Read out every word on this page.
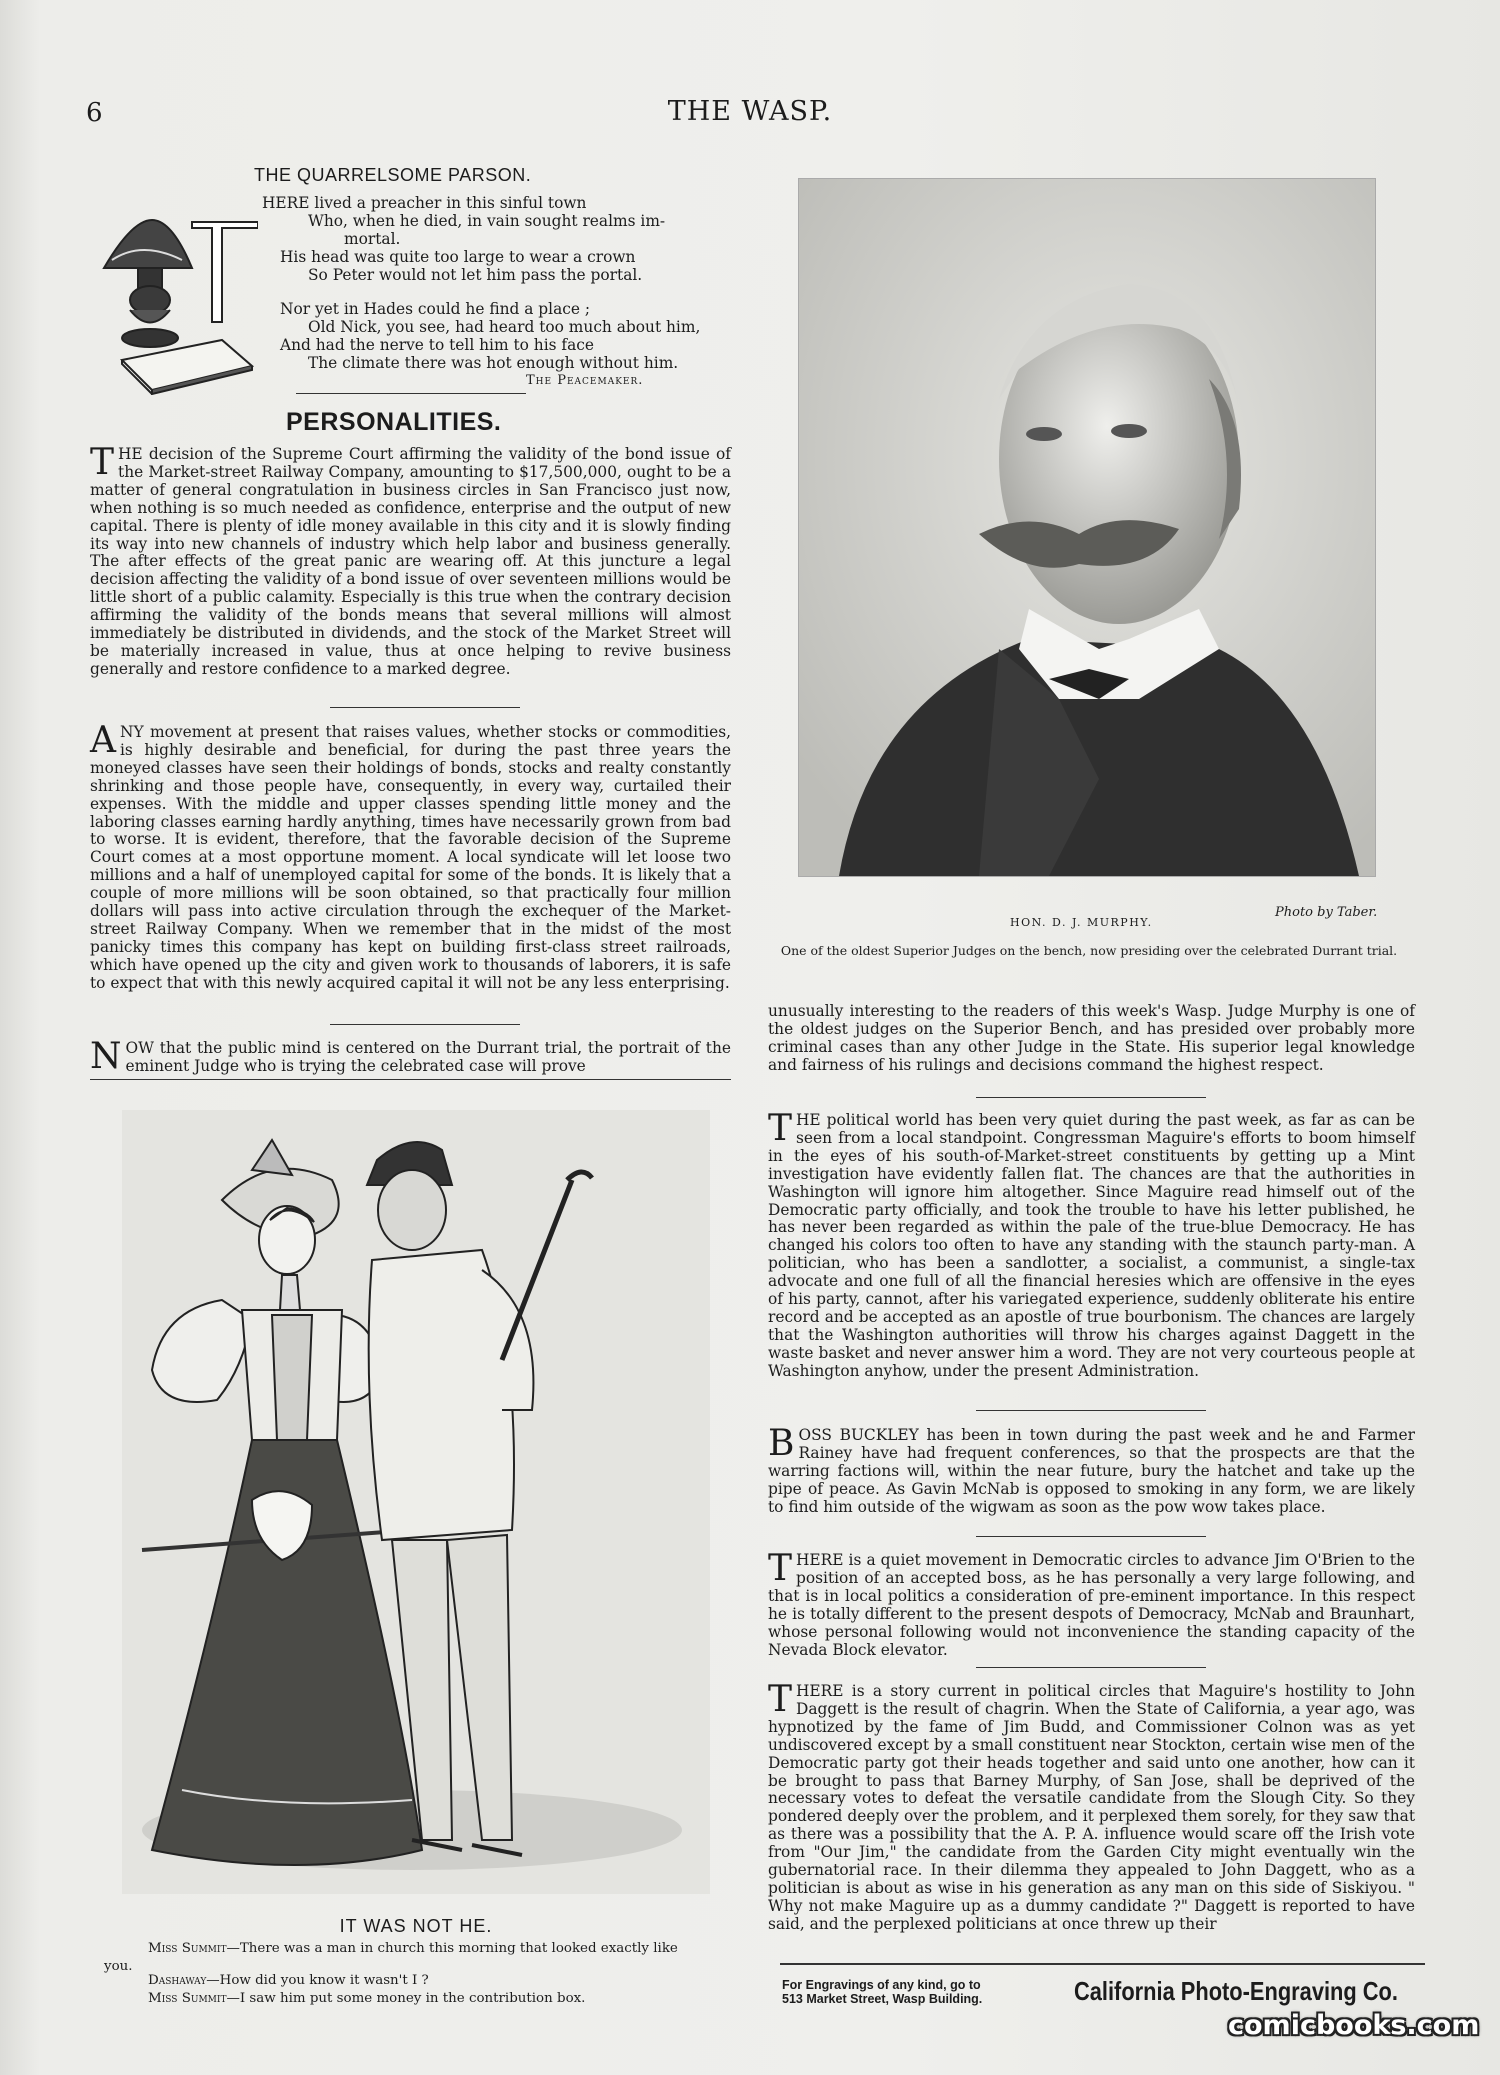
6	THE WASP.
THE QUARRELSOME PARSON.
HERE lived a preacher in this sinful town
Who, when he died, in vain sought realms im-
mortal.
His head was quite too large to wear a crown
So Peter would not let him pass the portal.
Nor yet in Hades could he find a place ;
Old Nick, you see, had heard too much about him,
And had the nerve to tell him to his face
The climate there was hot enough without him.
The Peacemaker.
PERSONALITIES.

THE decision of the Supreme Court affirming the validity of the bond issue of the Market-street Railway Company, amounting to $17,500,000, ought to be a matter of general congratulation in business circles in San Francisco just now, when nothing is so much needed as confidence, enterprise and the output of new capital. There is plenty of idle money available in this city and it is slowly finding its way into new channels of industry which help labor and business generally. The after effects of the great panic are wearing off. At this juncture a legal decision affecting the validity of a bond issue of over seventeen millions would be little short of a public calamity. Especially is this true when the contrary decision affirming the validity of the bonds means that several millions will almost immediately be distributed in dividends, and the stock of the Market Street will be materially increased in value, thus at once helping to revive business generally and restore confidence to a marked degree.

ANY movement at present that raises values, whether stocks or commodities, is highly desirable and beneficial, for during the past three years the moneyed classes have seen their holdings of bonds, stocks and realty constantly shrinking and those people have, consequently, in every way, curtailed their expenses. With the middle and upper classes spending little money and the laboring classes earning hardly anything, times have necessarily grown from bad to worse. It is evident, therefore, that the favorable decision of the Supreme Court comes at a most opportune moment. A local syndicate will let loose two millions and a half of unemployed capital for some of the bonds. It is likely that a couple of more millions will be soon obtained, so that practically four million dollars will pass into active circulation through the exchequer of the Market-street Railway Company. When we remember that in the midst of the most panicky times this company has kept on building first-class street railroads, which have opened up the city and given work to thousands of laborers, it is safe to expect that with this newly acquired capital it will not be any less enterprising.

NOW that the public mind is centered on the Durrant trial, the portrait of the eminent Judge who is trying the celebrated case will prove

Photo by Taber.
HON. D. J. MURPHY.
One of the oldest Superior Judges on the bench, now presiding over the celebrated Durrant trial.

unusually interesting to the readers of this week's Wasp. Judge Murphy is one of the oldest judges on the Superior Bench, and has presided over probably more criminal cases than any other Judge in the State. His superior legal knowledge and fairness of his rulings and decisions command the highest respect.

THE political world has been very quiet during the past week, as far as can be seen from a local standpoint. Congressman Maguire's efforts to boom himself in the eyes of his south-of-Market-street constituents by getting up a Mint investigation have evidently fallen flat. The chances are that the authorities in Washington will ignore him altogether. Since Maguire read himself out of the Democratic party officially, and took the trouble to have his letter published, he has never been regarded as within the pale of the true-blue Democracy. He has changed his colors too often to have any standing with the staunch party-man. A politician, who has been a sandlotter, a socialist, a communist, a single-tax advocate and one full of all the financial heresies which are offensive in the eyes of his party, cannot, after his variegated experience, suddenly obliterate his entire record and be accepted as an apostle of true bourbonism. The chances are largely that the Washington authorities will throw his charges against Daggett in the waste basket and never answer him a word. They are not very courteous people at Washington anyhow, under the present Administration.

BOSS BUCKLEY has been in town during the past week and he and Farmer Rainey have had frequent conferences, so that the prospects are that the warring factions will, within the near future, bury the hatchet and take up the pipe of peace. As Gavin McNab is opposed to smoking in any form, we are likely to find him outside of the wigwam as soon as the pow wow takes place.

THERE is a quiet movement in Democratic circles to advance Jim O'Brien to the position of an accepted boss, as he has personally a very large following, and that is in local politics a consideration of pre-eminent importance. In this respect he is totally different to the present despots of Democracy, McNab and Braunhart, whose personal following would not inconvenience the standing capacity of the Nevada Block elevator.

THERE is a story current in political circles that Maguire's hostility to John Daggett is the result of chagrin. When the State of California, a year ago, was hypnotized by the fame of Jim Budd, and Commissioner Colnon was as yet undiscovered except by a small constituent near Stockton, certain wise men of the Democratic party got their heads together and said unto one another, how can it be brought to pass that Barney Murphy, of San Jose, shall be deprived of the necessary votes to defeat the versatile candidate from the Slough City. So they pondered deeply over the problem, and it perplexed them sorely, for they saw that as there was a possibility that the A. P. A. influence would scare off the Irish vote from "Our Jim," the candidate from the Garden City might eventually win the gubernatorial race. In their dilemma they appealed to John Daggett, who as a politician is about as wise in his generation as any man on this side of Siskiyou. " Why not make Maguire up as a dummy candidate ?" Daggett is reported to have said, and the perplexed politicians at once threw up their

IT WAS NOT HE.
Miss Summit—There was a man in church this morning that looked exactly like
you.
Dashaway—How did you know it wasn't I ?
Miss Summit—I saw him put some money in the contribution box.
For Engravings of any kind, go to
513 Market Street, Wasp Building.	California Photo-Engraving Co.
comicbooks.com
